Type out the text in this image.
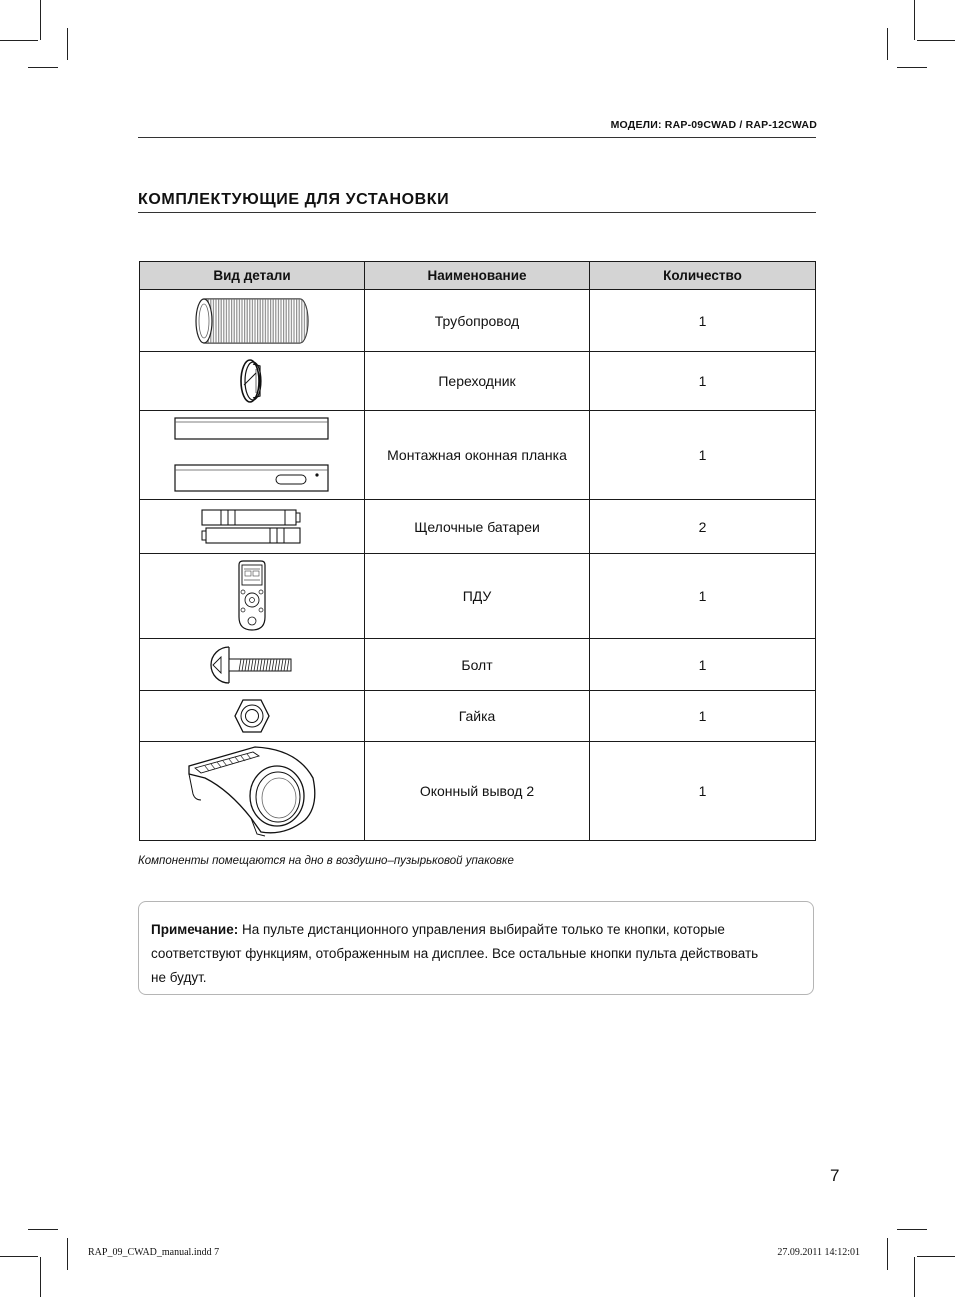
МОДЕЛИ: RAP-09CWAD / RAP-12CWAD
КОМПЛЕКТУЮЩИЕ ДЛЯ УСТАНОВКИ
Вид детали	Наименование	Количество

	Трубопровод	1

	Переходник	1

	Монтажная оконная планка	1

	Щелочные батареи	2

	ПДУ	1

	Болт	1

	Гайка	1

	Оконный вывод 2	1
Компоненты помещаются на дно в воздушно–пузырьковой упаковке
Примечание: На пульте дистанционного управления выбирайте только те кнопки, которые
соответствуют функциям, отображенным на дисплее. Все остальные кнопки пульта действовать
не будут.
7
RAP_09_CWAD_manual.indd 7	27.09.2011 14:12:01
